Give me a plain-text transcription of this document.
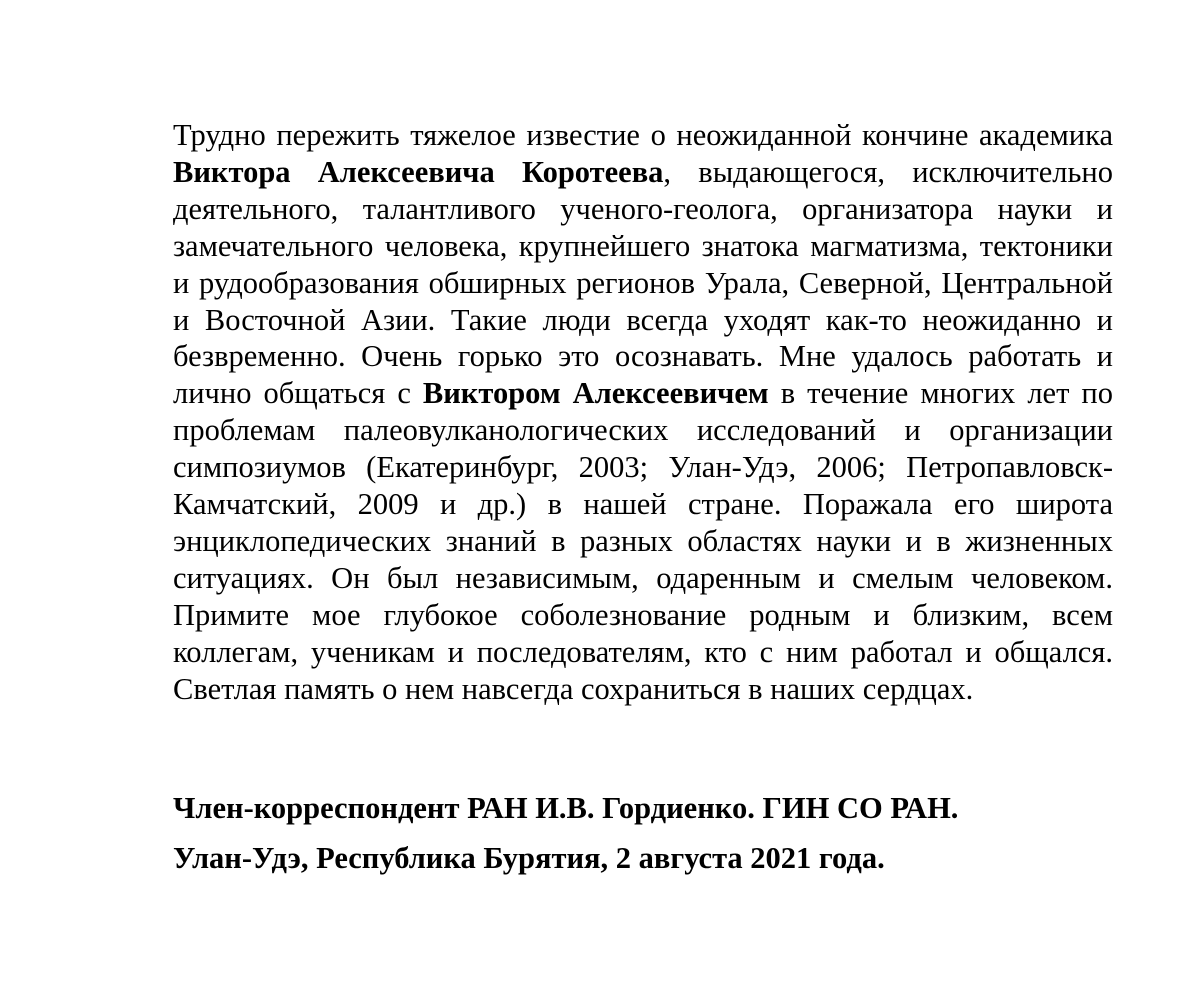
Трудно пережить тяжелое известие о неожиданной кончине академика Виктора Алексеевича Коротеева, выдающегося, исключительно деятельного, талантливого ученого-геолога, организатора науки и замечательного человека, крупнейшего знатока магматизма, тектоники и рудообразования обширных регионов Урала, Северной, Центральной и Восточной Азии. Такие люди всегда уходят как-то неожиданно и безвременно. Очень горько это осознавать. Мне удалось работать и лично общаться с Виктором Алексеевичем в течение многих лет по проблемам палеовулканологических исследований и организации симпозиумов (Екатеринбург, 2003; Улан-Удэ, 2006; Петропавловск-Камчатский, 2009 и др.) в нашей стране. Поражала его широта энциклопедических знаний в разных областях науки и в жизненных ситуациях. Он был независимым, одаренным и смелым человеком. Примите мое глубокое соболезнование родным и близким, всем коллегам, ученикам и последователям, кто с ним работал и общался. Светлая память о нем навсегда сохраниться в наших сердцах.

Член-корреспондент РАН И.В. Гордиенко. ГИН СО РАН.

Улан-Удэ, Республика Бурятия, 2 августа 2021 года.
